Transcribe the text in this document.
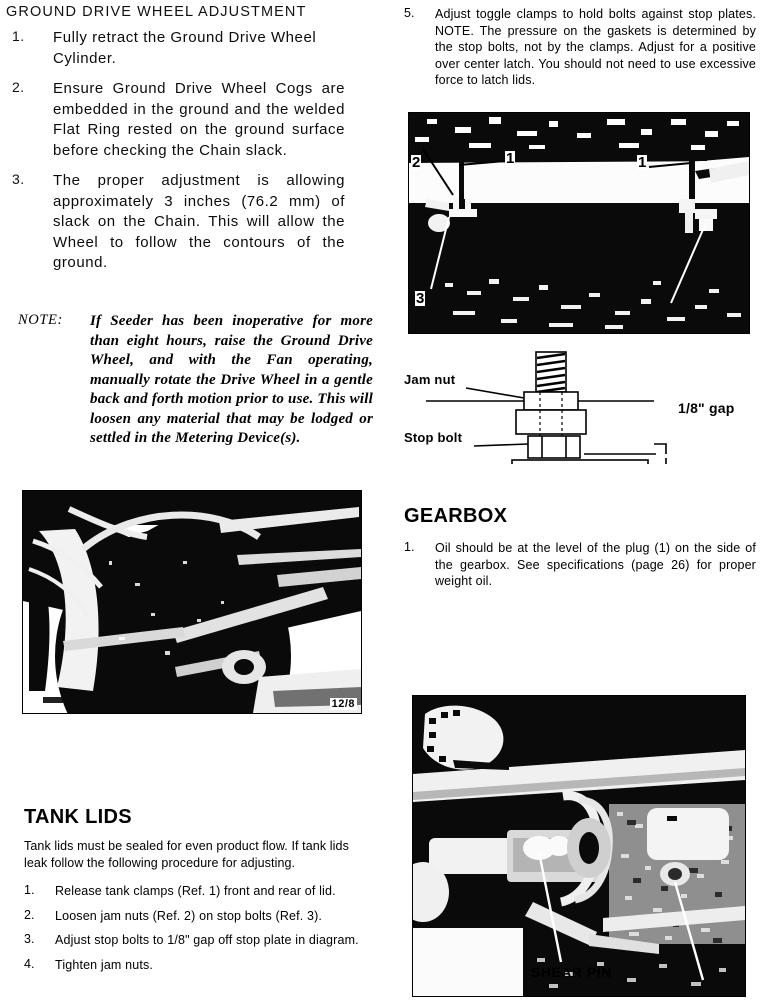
GROUND DRIVE WHEEL ADJUSTMENT
1.	Fully retract the Ground Drive Wheel Cylinder.
2.	Ensure Ground Drive Wheel Cogs are embedded in the ground and the welded Flat Ring rested on the ground surface before checking the Chain slack.
3.	The proper adjustment is allowing approximately 3 inches (76.2 mm) of slack on the Chain. This will allow the Wheel to follow the contours of the ground.
NOTE: If Seeder has been inoperative for more than eight hours, raise the Ground Drive Wheel, and with the Fan operating, manually rotate the Drive Wheel in a gentle back and forth motion prior to use. This will loosen any material that may be lodged or settled in the Metering Device(s).
12/8
TANK LIDS
Tank lids must be sealed for even product flow. If tank lids leak follow the following procedure for adjusting.
1.	Release tank clamps (Ref. 1) front and rear of lid.
2.	Loosen jam nuts (Ref. 2) on stop bolts (Ref. 3).
3.	Adjust stop bolts to 1/8" gap off stop plate in diagram.
4.	Tighten jam nuts.
5.	Adjust toggle clamps to hold bolts against stop plates. NOTE. The pressure on the gaskets is determined by the stop bolts, not by the clamps. Adjust for a positive over center latch. You should not need to use excessive force to latch lids.
2	1	1
3
Jam nut
Stop bolt
1/8" gap
GEARBOX
1.	Oil should be at the level of the plug (1) on the side of the gearbox. See specifications (page 26) for proper weight oil.
SHEAR PIN
